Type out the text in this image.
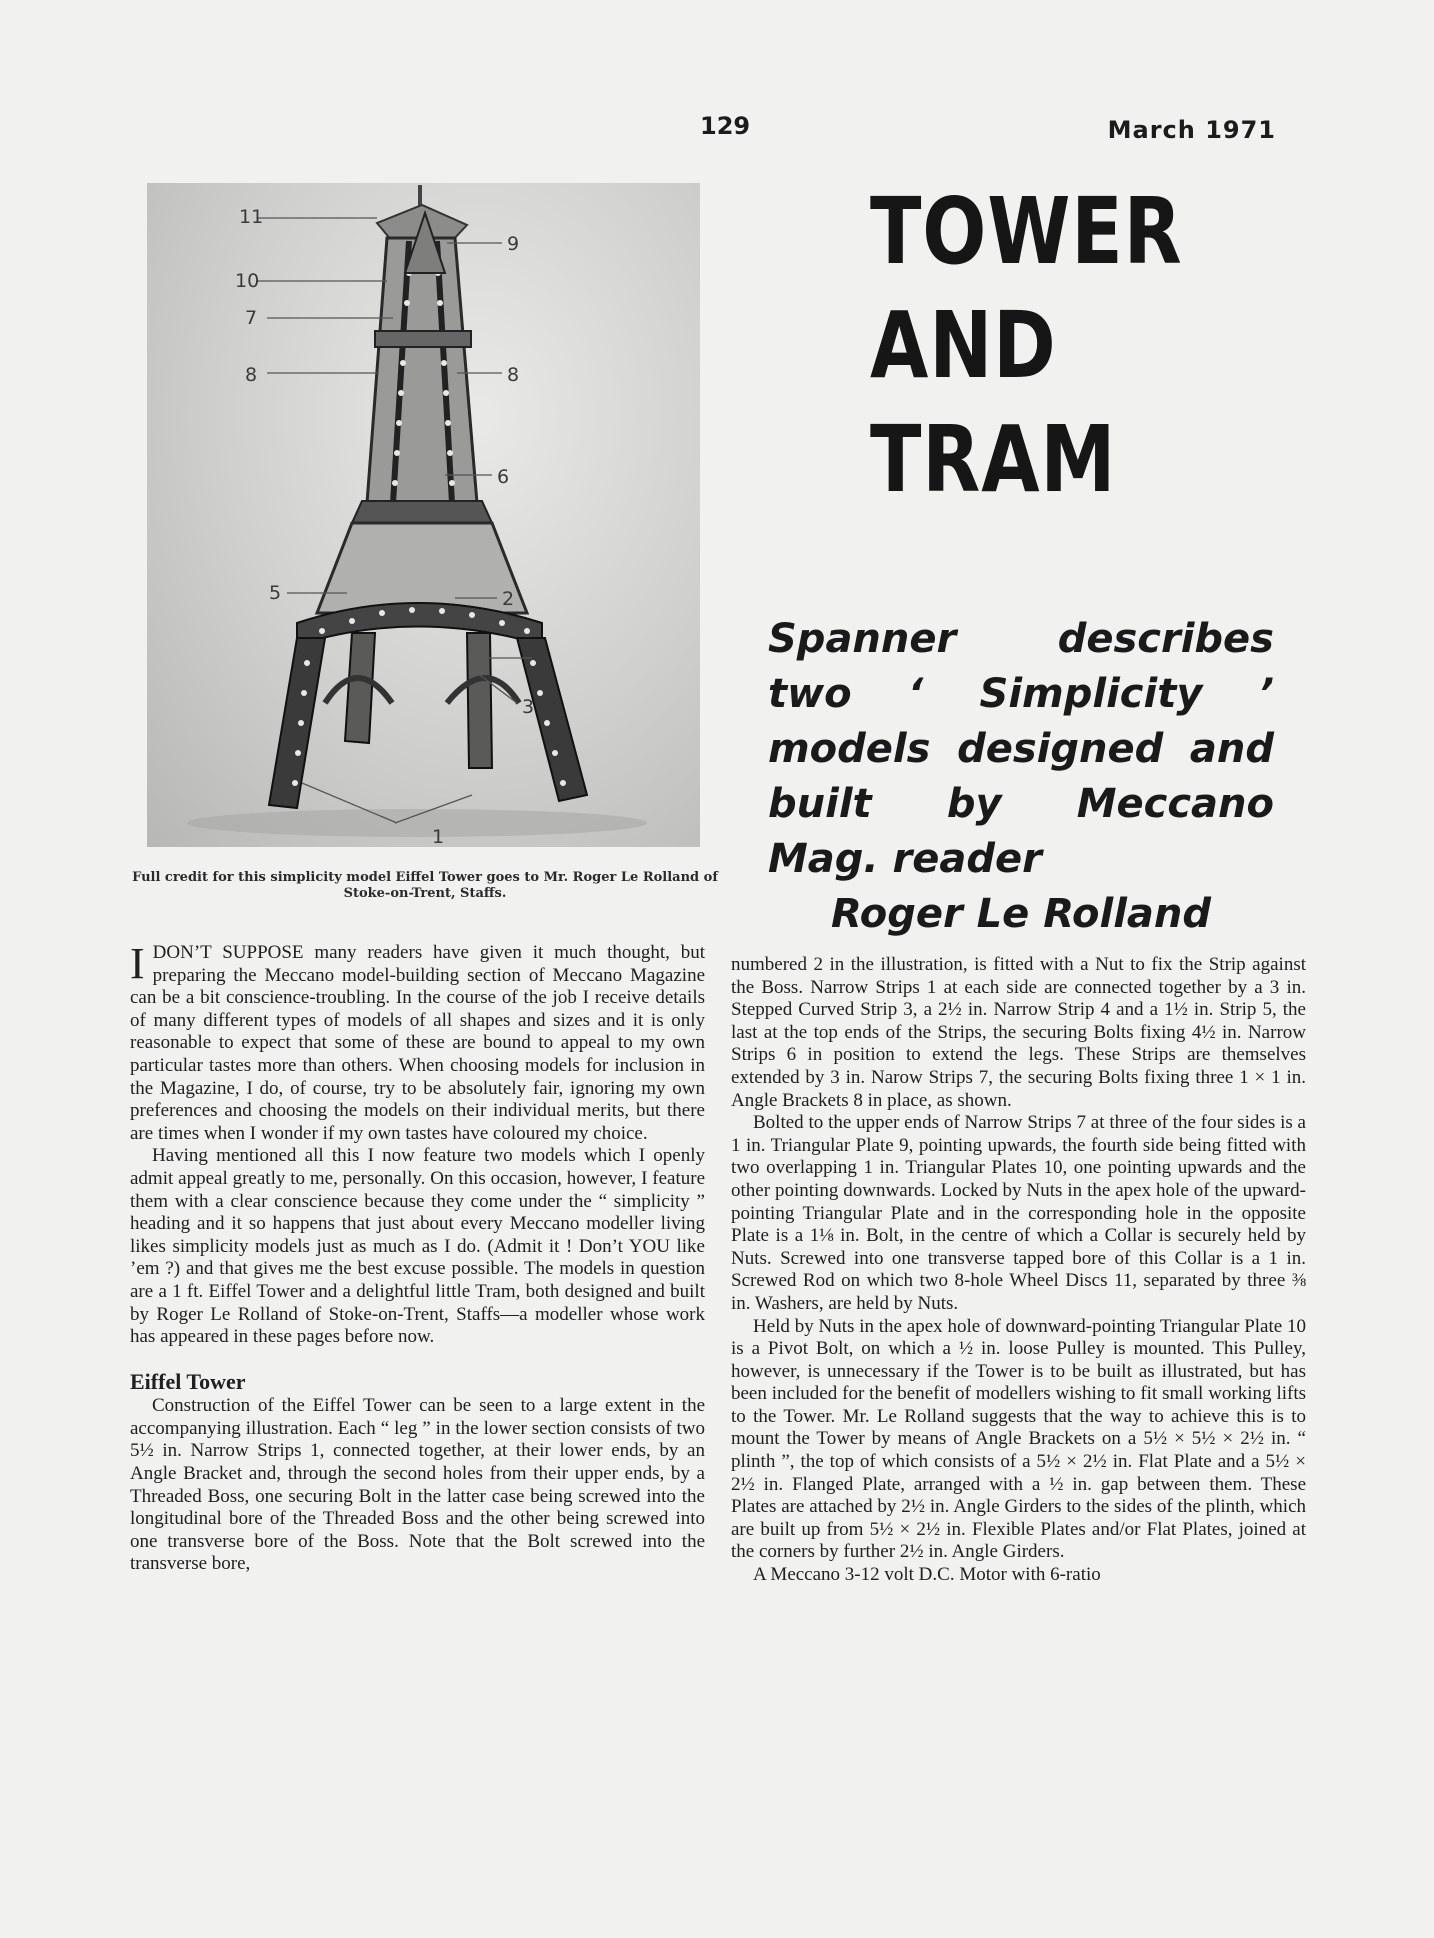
129	March 1971
11
10
7
8
9
8
6
5	2
4
3
1
Full credit for this simplicity model Eiffel Tower goes to Mr. Roger Le Rolland of Stoke-on-Trent, Staffs.
TOWER
AND
TRAM
Spanner describes two ‘ Simplicity ’ models designed and built by Meccano Mag. reader
Roger Le Rolland

IDON’T SUPPOSE many readers have given it much thought, but preparing the Meccano model-building section of Meccano Magazine can be a bit conscience-troubling. In the course of the job I receive details of many different types of models of all shapes and sizes and it is only reasonable to expect that some of these are bound to appeal to my own particular tastes more than others. When choosing models for inclusion in the Magazine, I do, of course, try to be absolutely fair, ignoring my own preferences and choosing the models on their individual merits, but there are times when I wonder if my own tastes have coloured my choice.

Having mentioned all this I now feature two models which I openly admit appeal greatly to me, personally. On this occasion, however, I feature them with a clear conscience because they come under the “ simplicity ” heading and it so happens that just about every Meccano modeller living likes simplicity models just as much as I do. (Admit it ! Don’t YOU like ’em ?) and that gives me the best excuse possible. The models in question are a 1 ft. Eiffel Tower and a delightful little Tram, both designed and built by Roger Le Rolland of Stoke-on-Trent, Staffs—a modeller whose work has appeared in these pages before now.

Eiffel Tower

Construction of the Eiffel Tower can be seen to a large extent in the accompanying illustration. Each “ leg ” in the lower section consists of two 5½ in. Narrow Strips 1, connected together, at their lower ends, by an Angle Bracket and, through the second holes from their upper ends, by a Threaded Boss, one securing Bolt in the latter case being screwed into the longitudinal bore of the Threaded Boss and the other being screwed into one transverse bore of the Boss. Note that the Bolt screwed into the transverse bore,

numbered 2 in the illustration, is fitted with a Nut to fix the Strip against the Boss. Narrow Strips 1 at each side are connected together by a 3 in. Stepped Curved Strip 3, a 2½ in. Narrow Strip 4 and a 1½ in. Strip 5, the last at the top ends of the Strips, the securing Bolts fixing 4½ in. Narrow Strips 6 in position to extend the legs. These Strips are themselves extended by 3 in. Narow Strips 7, the securing Bolts fixing three 1 × 1 in. Angle Brackets 8 in place, as shown.

Bolted to the upper ends of Narrow Strips 7 at three of the four sides is a 1 in. Triangular Plate 9, pointing upwards, the fourth side being fitted with two overlapping 1 in. Triangular Plates 10, one pointing upwards and the other pointing downwards. Locked by Nuts in the apex hole of the upward-pointing Triangular Plate and in the corresponding hole in the opposite Plate is a 1⅛ in. Bolt, in the centre of which a Collar is securely held by Nuts. Screwed into one transverse tapped bore of this Collar is a 1 in. Screwed Rod on which two 8-hole Wheel Discs 11, separated by three ⅜ in. Washers, are held by Nuts.

Held by Nuts in the apex hole of downward-pointing Triangular Plate 10 is a Pivot Bolt, on which a ½ in. loose Pulley is mounted. This Pulley, however, is unnecessary if the Tower is to be built as illustrated, but has been included for the benefit of modellers wishing to fit small working lifts to the Tower. Mr. Le Rolland suggests that the way to achieve this is to mount the Tower by means of Angle Brackets on a 5½ × 5½ × 2½ in. “ plinth ”, the top of which consists of a 5½ × 2½ in. Flat Plate and a 5½ × 2½ in. Flanged Plate, arranged with a ½ in. gap between them. These Plates are attached by 2½ in. Angle Girders to the sides of the plinth, which are built up from 5½ × 2½ in. Flexible Plates and/or Flat Plates, joined at the corners by further 2½ in. Angle Girders.

A Meccano 3-12 volt D.C. Motor with 6-ratio
